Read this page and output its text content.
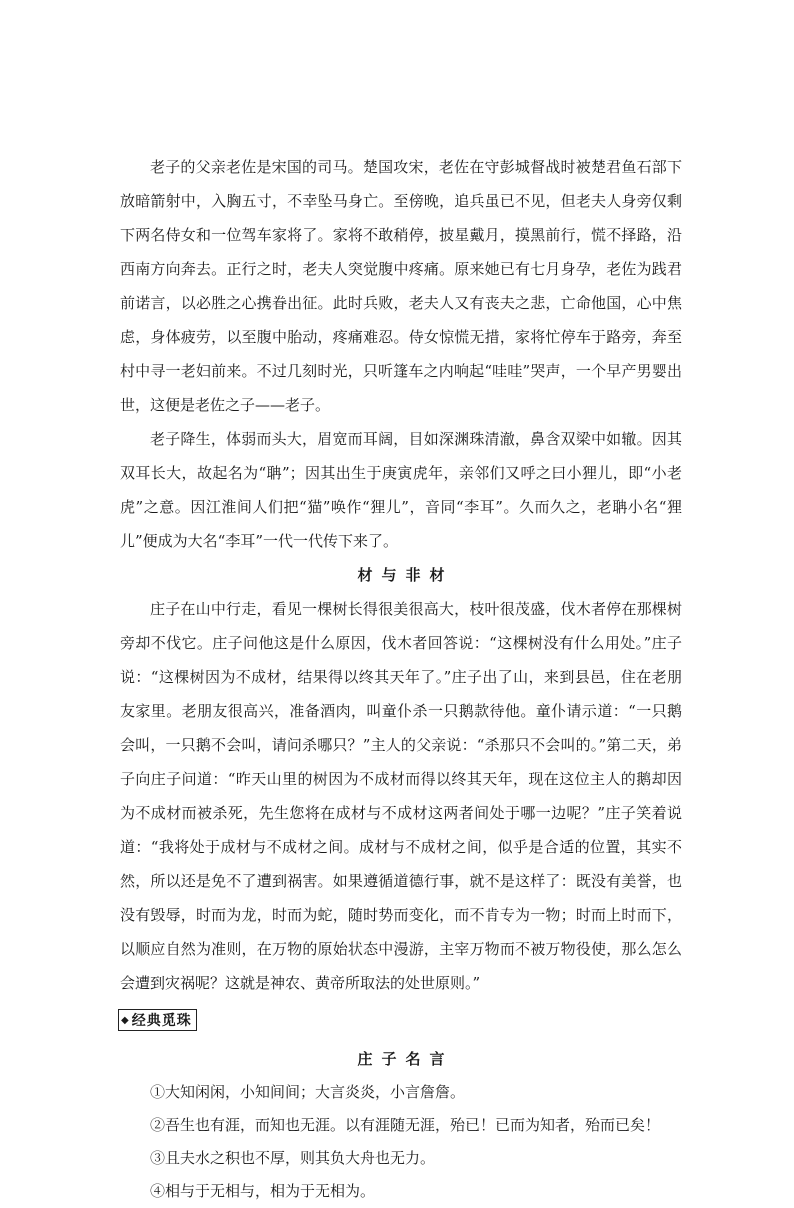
老子的父亲老佐是宋国的司马。楚国攻宋，老佐在守彭城督战时被楚君鱼石部下放暗箭射中，入胸五寸，不幸坠马身亡。至傍晚，追兵虽已不见，但老夫人身旁仅剩下两名侍女和一位驾车家将了。家将不敢稍停，披星戴月，摸黑前行，慌不择路，沿西南方向奔去。正行之时，老夫人突觉腹中疼痛。原来她已有七月身孕，老佐为践君前诺言，以必胜之心携眷出征。此时兵败，老夫人又有丧夫之悲，亡命他国，心中焦虑，身体疲劳，以至腹中胎动，疼痛难忍。侍女惊慌无措，家将忙停车于路旁，奔至村中寻一老妇前来。不过几刻时光，只听篷车之内响起“哇哇”哭声，一个早产男婴出世，这便是老佐之子——老子。

老子降生，体弱而头大，眉宽而耳阔，目如深渊珠清澈，鼻含双梁中如辙。因其双耳长大，故起名为“聃”；因其出生于庚寅虎年，亲邻们又呼之曰小狸儿，即“小老虎”之意。因江淮间人们把“猫”唤作“狸儿”，音同“李耳”。久而久之，老聃小名“狸儿”便成为大名“李耳”一代一代传下来了。

材与非材

庄子在山中行走，看见一棵树长得很美很高大，枝叶很茂盛，伐木者停在那棵树旁却不伐它。庄子问他这是什么原因，伐木者回答说：“这棵树没有什么用处。”庄子说：“这棵树因为不成材，结果得以终其天年了。”庄子出了山，来到县邑，住在老朋友家里。老朋友很高兴，准备酒肉，叫童仆杀一只鹅款待他。童仆请示道：“一只鹅会叫，一只鹅不会叫，请问杀哪只？”主人的父亲说：“杀那只不会叫的。”第二天，弟子向庄子问道：“昨天山里的树因为不成材而得以终其天年，现在这位主人的鹅却因为不成材而被杀死，先生您将在成材与不成材这两者间处于哪一边呢？”庄子笑着说道：“我将处于成材与不成材之间。成材与不成材之间，似乎是合适的位置，其实不然，所以还是免不了遭到祸害。如果遵循道德行事，就不是这样了：既没有美誉，也没有毁辱，时而为龙，时而为蛇，随时势而变化，而不肯专为一物；时而上时而下，以顺应自然为准则，在万物的原始状态中漫游，主宰万物而不被万物役使，那么怎么会遭到灾祸呢？这就是神农、黄帝所取法的处世原则。”

◆ 经典觅珠
庄子名言

①大知闲闲，小知间间；大言炎炎，小言詹詹。

②吾生也有涯，而知也无涯。以有涯随无涯，殆已！已而为知者，殆而已矣！

③且夫水之积也不厚，则其负大舟也无力。

④相与于无相与，相为于无相为。
